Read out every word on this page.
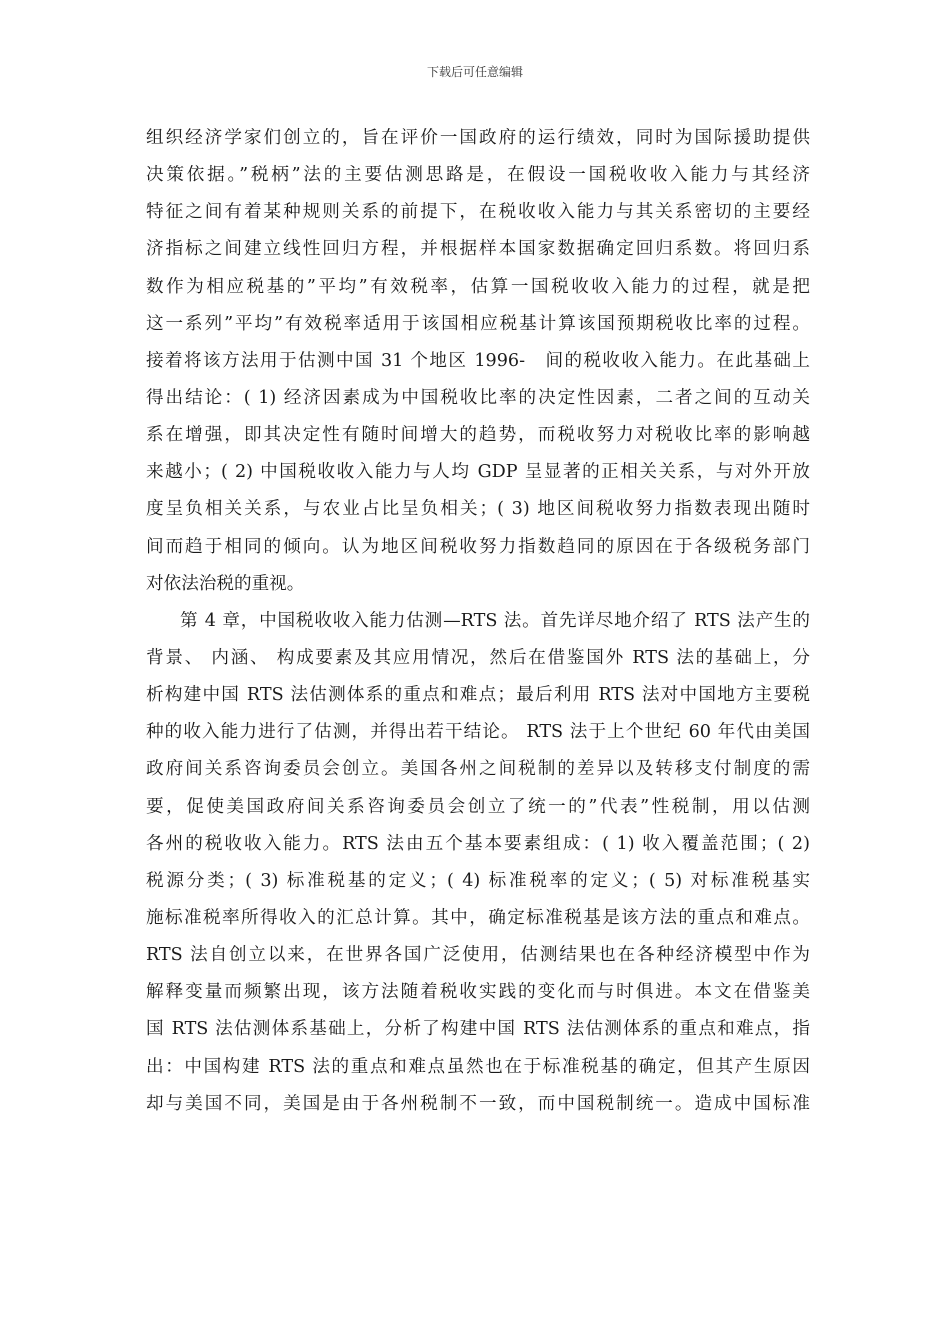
下载后可任意编辑
组织经济学家们创立的，旨在评价一国政府的运行绩效，同时为国际援助提供
决策依据。”税柄”法的主要估测思路是，在假设一国税收收入能力与其经济
特征之间有着某种规则关系的前提下，在税收收入能力与其关系密切的主要经
济指标之间建立线性回归方程，并根据样本国家数据确定回归系数。将回归系
数作为相应税基的”平均”有效税率，估算一国税收收入能力的过程，就是把
这一系列”平均”有效税率适用于该国相应税基计算该国预期税收比率的过程。
接着将该方法用于估测中国 31 个地区 1996-　间的税收收入能力。在此基础上
得出结论：( 1) 经济因素成为中国税收比率的决定性因素，二者之间的互动关
系在增强，即其决定性有随时间增大的趋势，而税收努力对税收比率的影响越
来越小；( 2) 中国税收收入能力与人均 GDP 呈显著的正相关关系，与对外开放
度呈负相关关系，与农业占比呈负相关；( 3) 地区间税收努力指数表现出随时
间而趋于相同的倾向。认为地区间税收努力指数趋同的原因在于各级税务部门
对依法治税的重视。
第 4 章，中国税收收入能力估测—RTS 法。首先详尽地介绍了 RTS 法产生的
背景、 内涵、 构成要素及其应用情况，然后在借鉴国外 RTS 法的基础上，分
析构建中国 RTS 法估测体系的重点和难点；最后利用 RTS 法对中国地方主要税
种的收入能力进行了估测，并得出若干结论。 RTS 法于上个世纪 60 年代由美国
政府间关系咨询委员会创立。美国各州之间税制的差异以及转移支付制度的需
要，促使美国政府间关系咨询委员会创立了统一的”代表”性税制，用以估测
各州的税收收入能力。RTS 法由五个基本要素组成：( 1) 收入覆盖范围；( 2)
税源分类；( 3) 标准税基的定义；( 4) 标准税率的定义；( 5) 对标准税基实
施标准税率所得收入的汇总计算。其中，确定标准税基是该方法的重点和难点。
RTS 法自创立以来，在世界各国广泛使用，估测结果也在各种经济模型中作为
解释变量而频繁出现，该方法随着税收实践的变化而与时俱进。本文在借鉴美
国 RTS 法估测体系基础上，分析了构建中国 RTS 法估测体系的重点和难点，指
出：中国构建 RTS 法的重点和难点虽然也在于标准税基的确定，但其产生原因
却与美国不同，美国是由于各州税制不一致，而中国税制统一。造成中国标准
